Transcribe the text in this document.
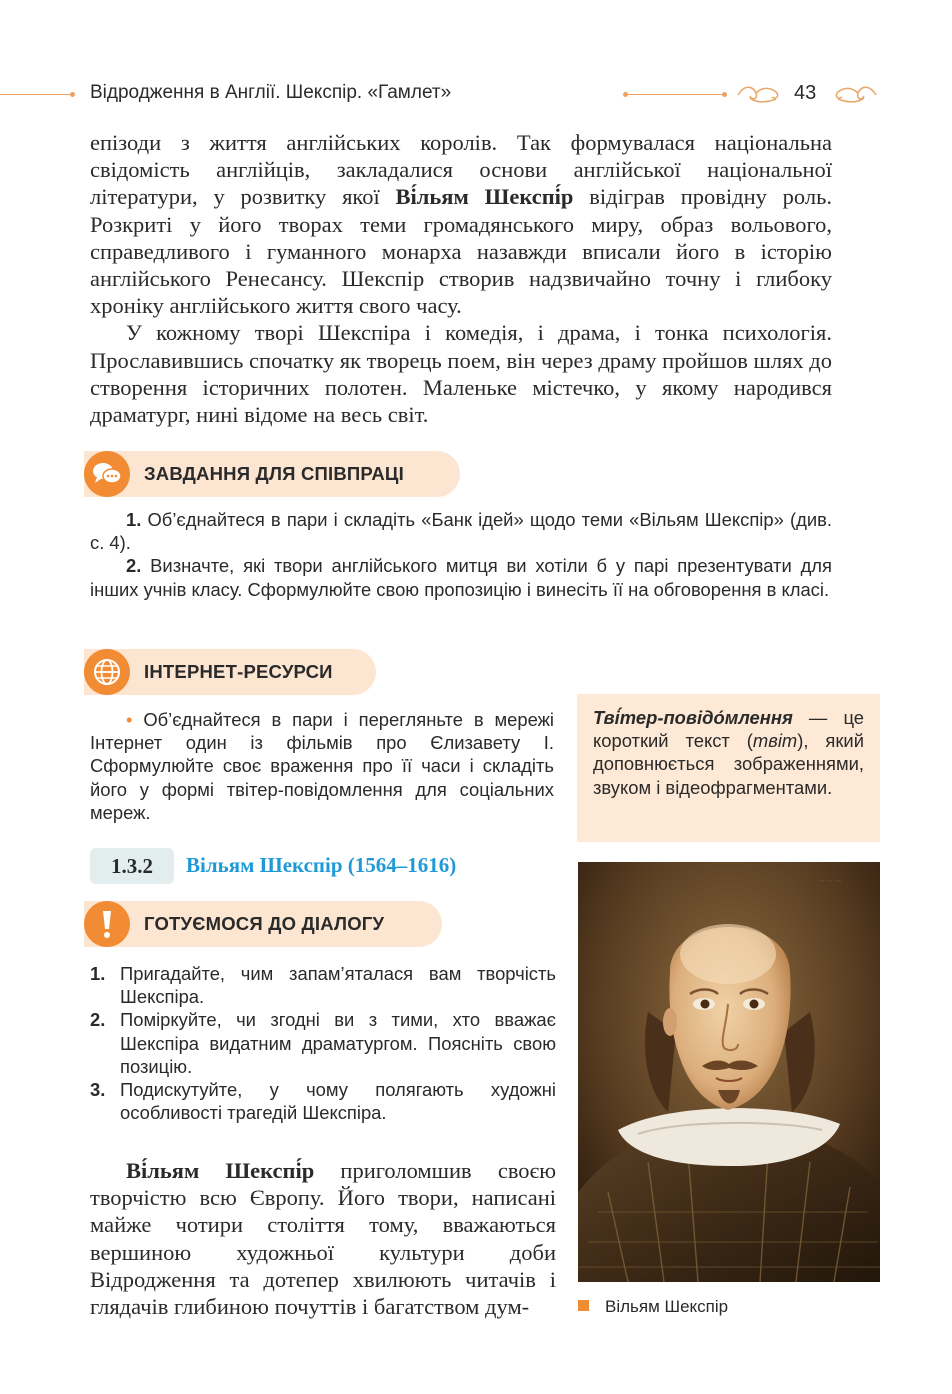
Відродження в Англії. Шекспір. «Гамлет»	43

епізоди з життя англійських королів. Так формувалася національна свідомість англійців, закладалися основи англійської національної літератури, у розвитку якої Ві́льям Шекспі́р відіграв провідну роль. Розкриті у його творах теми громадянського миру, образ вольового, справедливого і гуманного монарха назавжди вписали його в історію англійського Ренесансу. Шекспір створив надзвичайно точну і глибоку хроніку англійського життя свого часу.

У кожному творі Шекспіра і комедія, і драма, і тонка психологія. Прославившись спочатку як творець поем, він через драму пройшов шлях до створення історичних полотен. Маленьке містечко, у якому народився драматург, нині відоме на весь світ.

ЗАВДАННЯ ДЛЯ СПІВПРАЦІ

1. Об’єднайтеся в пари і складіть «Банк ідей» щодо теми «Вільям Шекспір» (див. с. 4).

2. Визначте, які твори англійського митця ви хотіли б у парі презентувати для інших учнів класу. Сформулюйте свою пропозицію і винесіть її на обговорення в класі.

ІНТЕРНЕТ-РЕСУРСИ

• Об’єднайтеся в пари і перегляньте в мережі Інтернет один із фільмів про Єлизавету I. Сформулюйте своє враження про її часи і складіть його у формі твітер-повідомлення для соціальних мереж.

Тві́тер-повідо́млення — це короткий текст (твіт), який доповнюється зображеннями, звуком і відеофрагментами.

1.3.2	Вільям Шекспір (1564–1616)
ГОТУЄМОСЯ ДО ДІАЛОГУ
1. Пригадайте, чим запам’яталася вам творчість Шекспіра.
2. Поміркуйте, чи згодні ви з тими, хто вважає Шекспіра видатним драматургом. Поясніть свою позицію.
3. Подискутуйте, у чому полягають художні особливості трагедій Шекспіра.

Ві́льям Шекспі́р приголомшив своєю творчістю всю Європу. Його твори, написані майже чотири століття тому, вважаються вершиною художньої культури доби Відродження та дотепер хвилюють читачів і глядачів глибиною почуттів і багатством дум-

~~~
Вільям Шекспір
